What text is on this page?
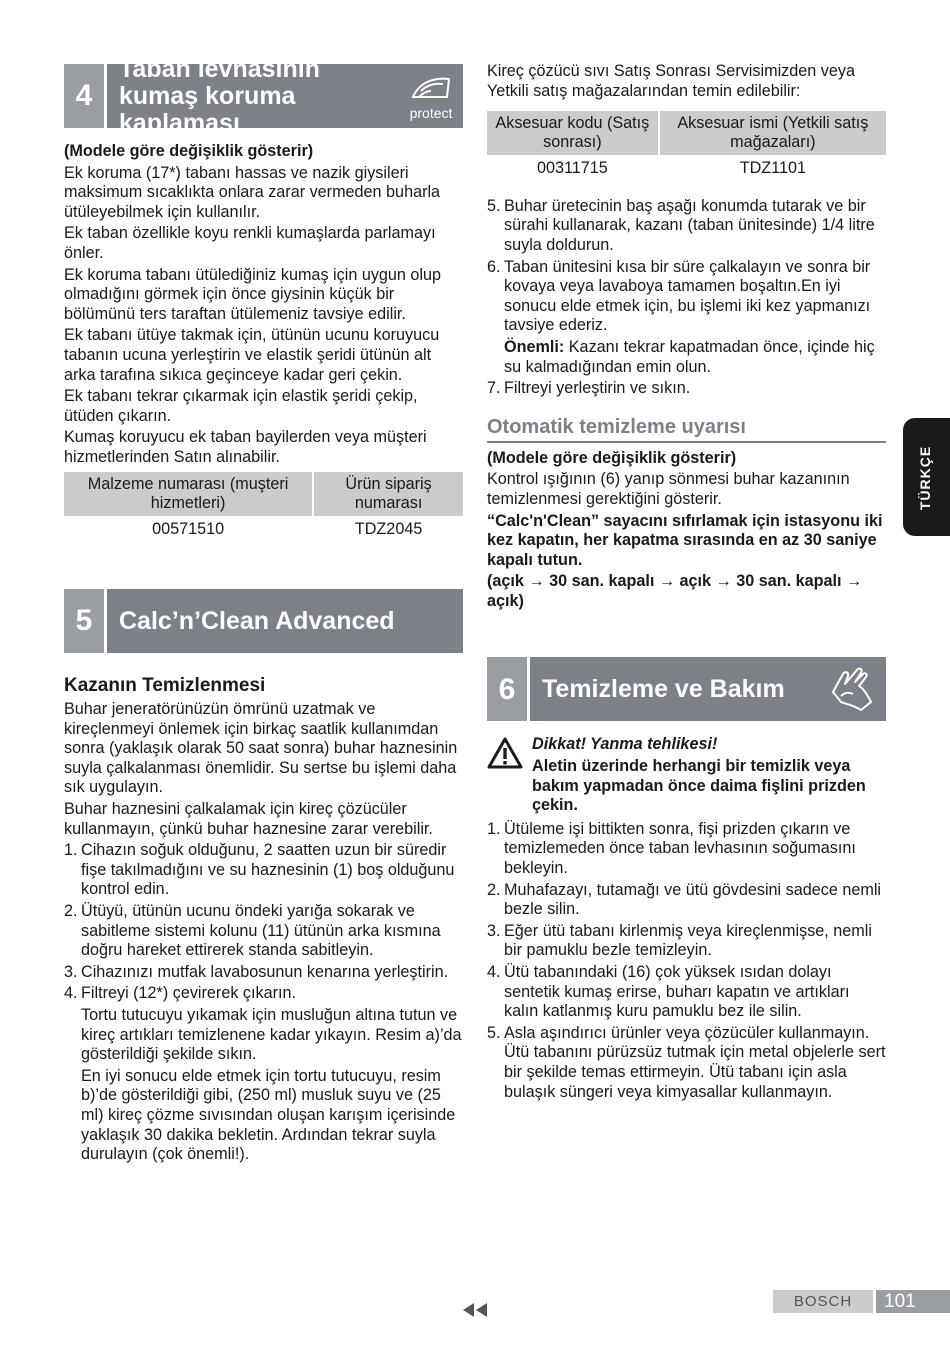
4
Taban levhasının kumaş koruma kaplaması	protect

(Modele göre değişiklik gösterir)

Ek koruma (17*) tabanı hassas ve nazik giysileri maksimum sıcaklıkta onlara zarar vermeden buharla ütüleyebilmek için kullanılır.

Ek taban özellikle koyu renkli kumaşlarda parlamayı önler.

Ek koruma tabanı ütülediğiniz kumaş için uygun olup olmadığını görmek için önce giysinin küçük bir bölümünü ters taraftan ütülemeniz tavsiye edilir.

Ek tabanı ütüye takmak için, ütünün ucunu koruyucu tabanın ucuna yerleştirin ve elastik şeridi ütünün alt arka tarafına sıkıca geçinceye kadar geri çekin.

Ek tabanı tekrar çıkarmak için elastik şeridi çekip, ütüden çıkarın.

Kumaş koruyucu ek taban bayilerden veya müşteri hizmetlerinden Satın alınabilir.

Malzeme numarası (muşteri hizmetleri)	Ürün sipariş numarası
00571510	TDZ2045
5	Calc’n’Clean Advanced
Kazanın Temizlenmesi

Buhar jeneratörünüzün ömrünü uzatmak ve kireçlenmeyi önlemek için birkaç saatlik kullanımdan sonra (yaklaşık olarak 50 saat sonra) buhar haznesinin suyla çalkalanması önemlidir. Su sertse bu işlemi daha sık uygulayın.

Buhar haznesini çalkalamak için kireç çözücüler kullanmayın, çünkü buhar haznesine zarar verebilir.

1. Cihazın soğuk olduğunu, 2 saatten uzun bir süredir fişe takılmadığını ve su haznesinin (1) boş olduğunu kontrol edin.
2. Ütüyü, ütünün ucunu öndeki yarığa sokarak ve sabitleme sistemi kolunu (11) ütünün arka kısmına doğru hareket ettirerek standa sabitleyin.
3. Cihazınızı mutfak lavabosunun kenarına yerleştirin.
4. Filtreyi (12*) çevirerek çıkarın.

Tortu tutucuyu yıkamak için musluğun altına tutun ve kireç artıkları temizlenene kadar yıkayın. Resim a)’da gösterildiği şekilde sıkın.

En iyi sonucu elde etmek için tortu tutucuyu, resim b)’de gösterildiği gibi, (250 ml) musluk suyu ve (25 ml) kireç çözme sıvısından oluşan karışım içerisinde yaklaşık 30 dakika bekletin. Ardından tekrar suyla durulayın (çok önemli!).

Kireç çözücü sıvı Satış Sonrası Servisimizden veya Yetkili satış mağazalarından temin edilebilir:

Aksesuar kodu (Satış sonrası)	Aksesuar ismi (Yetkili satış mağazaları)
00311715	TDZ1101
5. Buhar üretecinin baş aşağı konumda tutarak ve bir sürahi kullanarak, kazanı (taban ünitesinde) 1/4 litre suyla doldurun.
6. Taban ünitesini kısa bir süre çalkalayın ve sonra bir kovaya veya lavaboya tamamen boşaltın.En iyi sonucu elde etmek için, bu işlemi iki kez yapmanızı tavsiye ederiz.

Önemli: Kazanı tekrar kapatmadan önce, içinde hiç su kalmadığından emin olun.

7. Filtreyi yerleştirin ve sıkın.
Otomatik temizleme uyarısı

(Modele göre değişiklik gösterir)

Kontrol ışığının (6) yanıp sönmesi buhar kazanının temizlenmesi gerektiğini gösterir.

“Calc'n'Clean” sayacını sıfırlamak için istasyonu iki kez kapatın, her kapatma sırasında en az 30 saniye kapalı tutun.

(açık → 30 san. kapalı → açık → 30 san. kapalı → açık)

6	Temizleme ve Bakım

Dikkat! Yanma tehlikesi!

Aletin üzerinde herhangi bir temizlik veya bakım yapmadan önce daima fişlini prizden çekin.

1. Ütüleme işi bittikten sonra, fişi prizden çıkarın ve temizlemeden önce taban levhasının soğumasını bekleyin.
2. Muhafazayı, tutamağı ve ütü gövdesini sadece nemli bezle silin.
3. Eğer ütü tabanı kirlenmiş veya kireçlenmişse, nemli bir pamuklu bezle temizleyin.
4. Ütü tabanındaki (16) çok yüksek ısıdan dolayı sentetik kumaş erirse, buharı kapatın ve artıkları kalın katlanmış kuru pamuklu bez ile silin.
5. Asla aşındırıcı ürünler veya çözücüler kullanmayın. Ütü tabanını pürüzsüz tutmak için metal objelerle sert bir şekilde temas ettirmeyin. Ütü tabanı için asla bulaşık süngeri veya kimyasallar kullanmayın.
TÜRKÇE
BOSCH	101
